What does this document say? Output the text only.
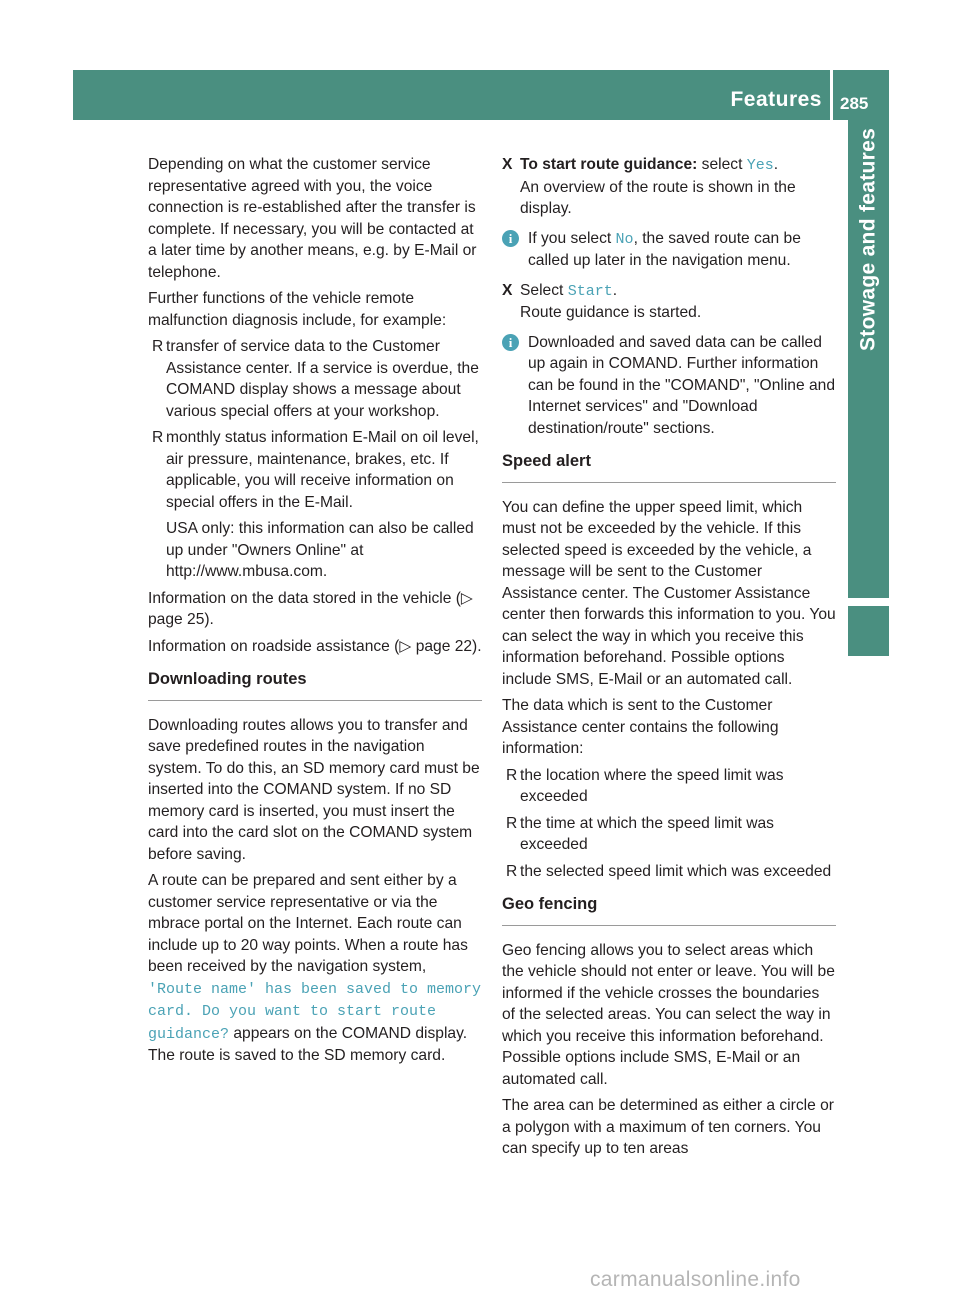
Features 285
Stowage and features

Depending on what the customer service representative agreed with you, the voice connection is re-established after the transfer is complete. If necessary, you will be contacted at a later time by another means, e.g. by E-Mail or telephone.

Further functions of the vehicle remote malfunction diagnosis include, for example:

R transfer of service data to the Customer Assistance center. If a service is overdue, the COMAND display shows a message about various special offers at your workshop.
R monthly status information E-Mail on oil level, air pressure, maintenance, brakes, etc. If applicable, you will receive information on special offers in the E-Mail.

USA only: this information can also be called up under "Owners Online" at http://www.mbusa.com.

Information on the data stored in the vehicle (▷ page 25).

Information on roadside assistance (▷ page 22).

Downloading routes

Downloading routes allows you to transfer and save predefined routes in the navigation system. To do this, an SD memory card must be inserted into the COMAND system. If no SD memory card is inserted, you must insert the card into the card slot on the COMAND system before saving.

A route can be prepared and sent either by a customer service representative or via the mbrace portal on the Internet. Each route can include up to 20 way points. When a route has been received by the navigation system, 'Route name' has been saved to memory card. Do you want to start route guidance? appears on the COMAND display. The route is saved to the SD memory card.

X To start route guidance: select Yes.
An overview of the route is shown in the display.
i	If you select No, the saved route can be called up later in the navigation menu.
X Select Start.
Route guidance is started.
i	Downloaded and saved data can be called up again in COMAND. Further information can be found in the "COMAND", "Online and Internet services" and "Download destination/route" sections.
Speed alert

You can define the upper speed limit, which must not be exceeded by the vehicle. If this selected speed is exceeded by the vehicle, a message will be sent to the Customer Assistance center. The Customer Assistance center then forwards this information to you. You can select the way in which you receive this information beforehand. Possible options include SMS, E-Mail or an automated call.

The data which is sent to the Customer Assistance center contains the following information:

R the location where the speed limit was exceeded
R the time at which the speed limit was exceeded
R the selected speed limit which was exceeded
Geo fencing

Geo fencing allows you to select areas which the vehicle should not enter or leave. You will be informed if the vehicle crosses the boundaries of the selected areas. You can select the way in which you receive this information beforehand. Possible options include SMS, E-Mail or an automated call.

The area can be determined as either a circle or a polygon with a maximum of ten corners. You can specify up to ten areas

carmanualsonline.info
